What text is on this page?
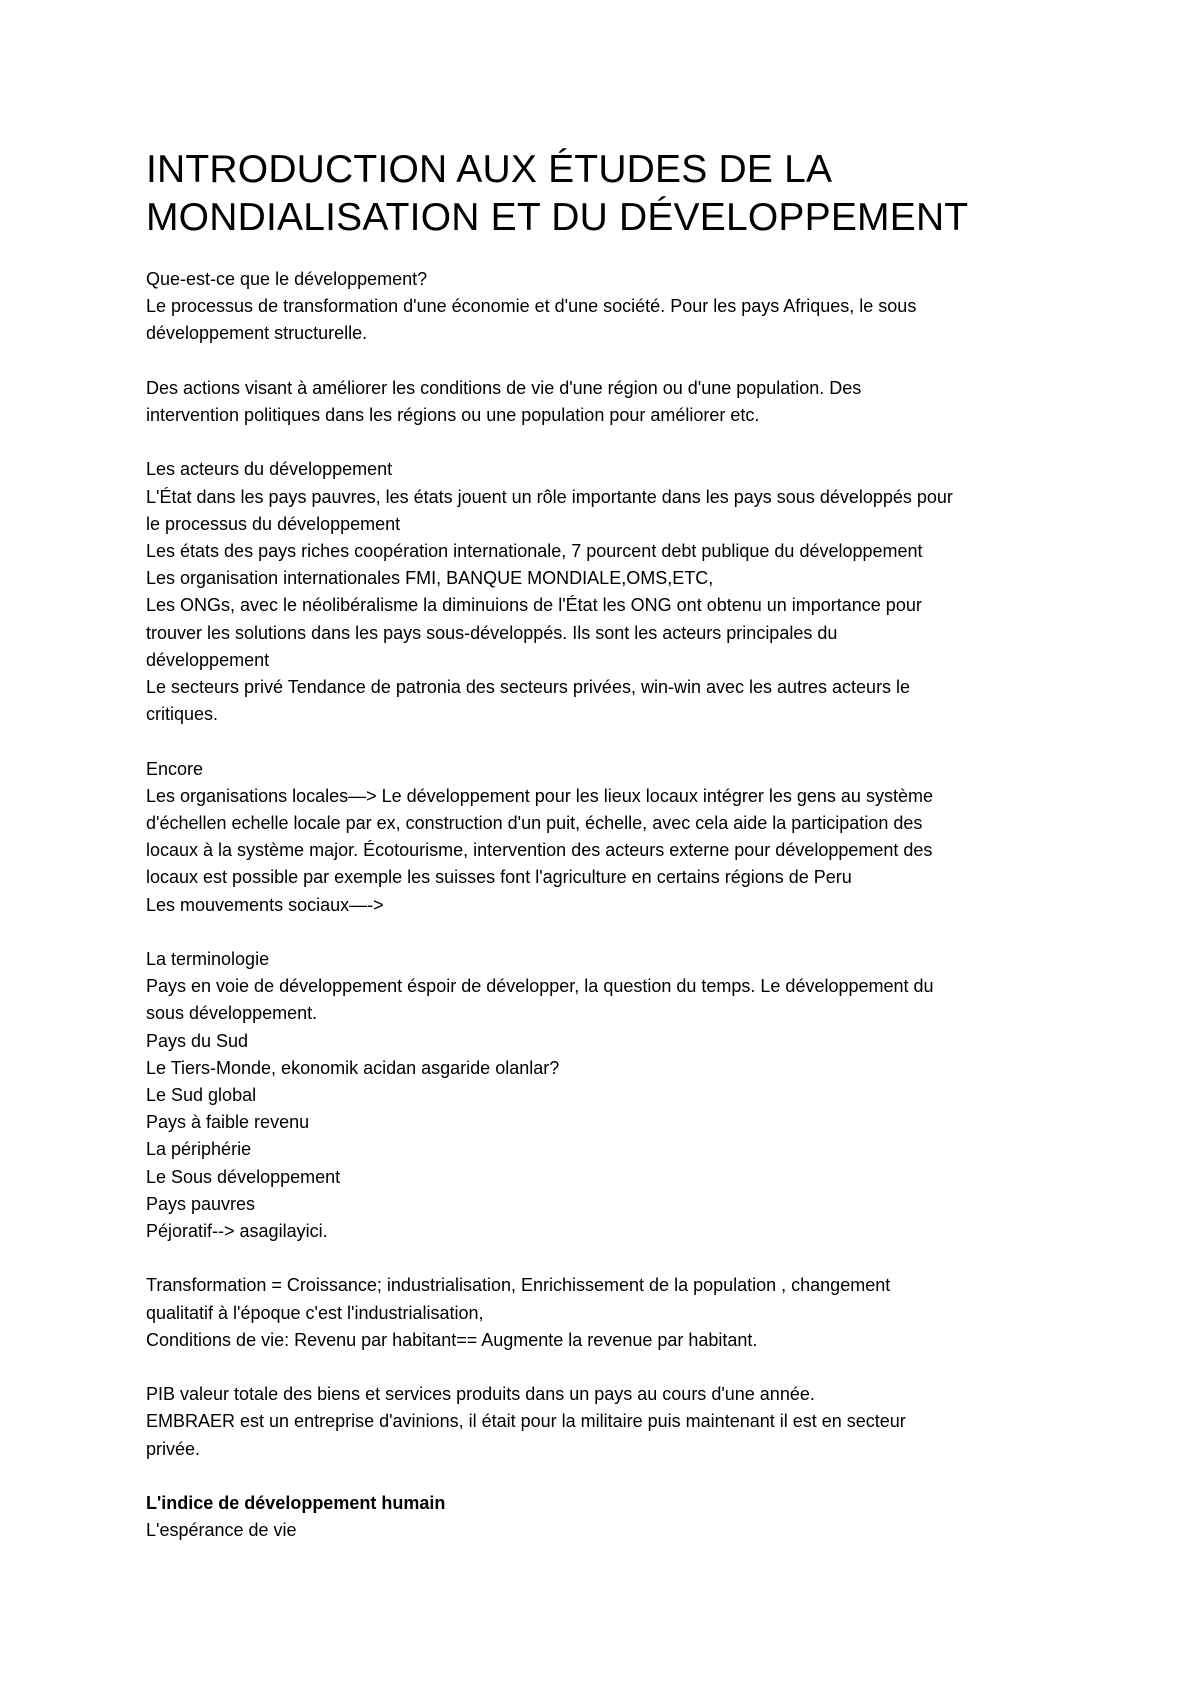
INTRODUCTION AUX ÉTUDES DE LA
MONDIALISATION ET DU DÉVELOPPEMENT
Que-est-ce que le développement?
Le processus de transformation d'une économie et d'une société. Pour les pays Afriques, le sous
développement structurelle.
Des actions visant à améliorer les conditions de vie d'une région ou d'une population. Des
intervention politiques dans les régions ou une population pour améliorer etc.
Les acteurs du développement
L'État dans les pays pauvres, les états jouent un rôle importante dans les pays sous développés pour
le processus du développement
Les états des pays riches coopération internationale, 7 pourcent debt publique du développement
Les organisation internationales FMI, BANQUE MONDIALE,OMS,ETC,
Les ONGs, avec le néolibéralisme la diminuions de l'État les ONG ont obtenu un importance pour
trouver les solutions dans les pays sous-développés. Ils sont les acteurs principales du
développement
Le secteurs privé Tendance de patronia des secteurs privées, win-win avec les autres acteurs le
critiques.
Encore
Les organisations locales—> Le développement pour les lieux locaux intégrer les gens au système
d'échellen echelle locale par ex, construction d'un puit, échelle, avec cela aide la participation des
locaux à la système major. Écotourisme, intervention des acteurs externe pour développement des
locaux est possible par exemple les suisses font l'agriculture en certains régions de Peru
Les mouvements sociaux—->
La terminologie
Pays en voie de développement éspoir de développer, la question du temps. Le développement du
sous développement.
Pays du Sud
Le Tiers-Monde, ekonomik acidan asgaride olanlar?
Le Sud global
Pays à faible revenu
La périphérie
Le Sous développement
Pays pauvres
Péjoratif--> asagilayici.
Transformation = Croissance; industrialisation, Enrichissement de la population , changement
qualitatif à l'époque c'est l'industrialisation,
Conditions de vie: Revenu par habitant== Augmente la revenue par habitant.
PIB valeur totale des biens et services produits dans un pays au cours d'une année.
EMBRAER est un entreprise d'avinions, il était pour la militaire puis maintenant il est en secteur
privée.
L'indice de développement humain
L'espérance de vie
